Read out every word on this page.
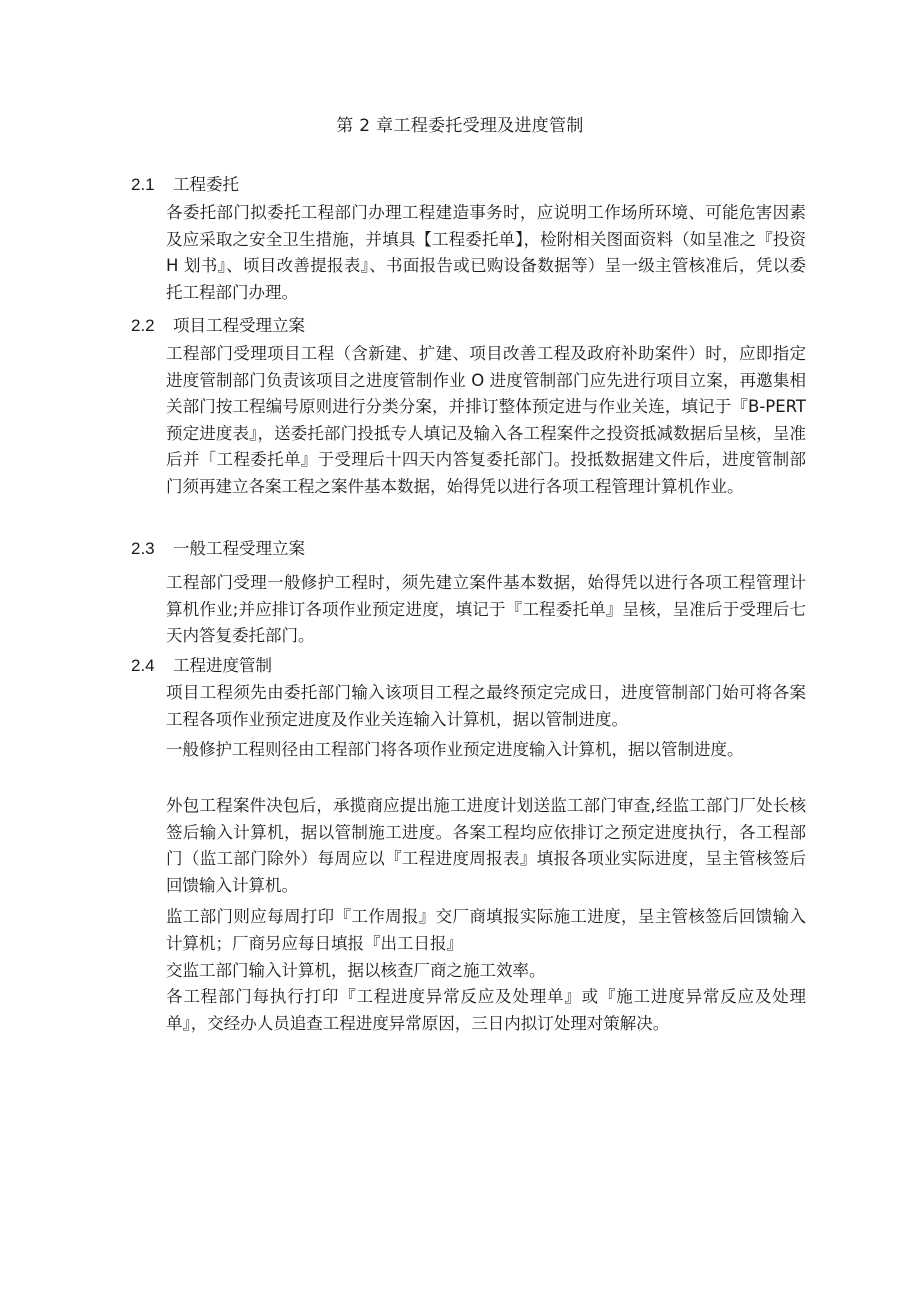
第 2 章工程委托受理及进度管制
2.1 工程委托

各委托部门拟委托工程部门办理工程建造事务时，应说明工作场所环境、可能危害因素及应采取之安全卫生措施，并填具【工程委托单】，检附相关图面资料（如呈准之『投资 H 划书』、顷目改善提报表』、书面报告或已购设备数据等）呈一级主管核准后，凭以委托工程部门办理。

2.2 项目工程受理立案

工程部门受理项目工程（含新建、扩建、项目改善工程及政府补助案件）时，应即指定进度管制部门负责该项目之进度管制作业 O 进度管制部门应先进行项目立案，再邀集相关部门按工程编号原则进行分类分案，并排订整体预定进与作业关连，填记于『B-PERT 预定进度表』，送委托部门投抵专人填记及输入各工程案件之投资抵减数据后呈核，呈准后并「工程委托单』于受理后十四天内答复委托部门。投抵数据建文件后，进度管制部门须再建立各案工程之案件基本数据，始得凭以进行各项工程管理计算机作业。

2.3 一般工程受理立案

工程部门受理一般修护工程时，须先建立案件基本数据，始得凭以进行各项工程管理计算机作业;并应排订各项作业预定进度，填记于『工程委托单』呈核，呈准后于受理后七天内答复委托部门。

2.4 工程进度管制

项目工程须先由委托部门输入该项目工程之最终预定完成日，进度管制部门始可将各案工程各项作业预定进度及作业关连输入计算机，据以管制进度。

一般修护工程则径由工程部门将各项作业预定进度输入计算机，据以管制进度。

外包工程案件决包后，承揽商应提出施工进度计划送监工部门审查,经监工部门厂处长核签后输入计算机，据以管制施工进度。各案工程均应依排订之预定进度执行，各工程部门（监工部门除外）每周应以『工程进度周报表』填报各项业实际进度，呈主管核签后回馈输入计算机。

监工部门则应每周打印『工作周报』交厂商填报实际施工进度，呈主管核签后回馈输入计算机；厂商另应每日填报『出工日报』

交监工部门输入计算机，据以核查厂商之施工效率。

各工程部门每执行打印『工程进度异常反应及处理单』或『施工进度异常反应及处理单』，交经办人员追查工程进度异常原因，三日内拟订处理对策解决。
